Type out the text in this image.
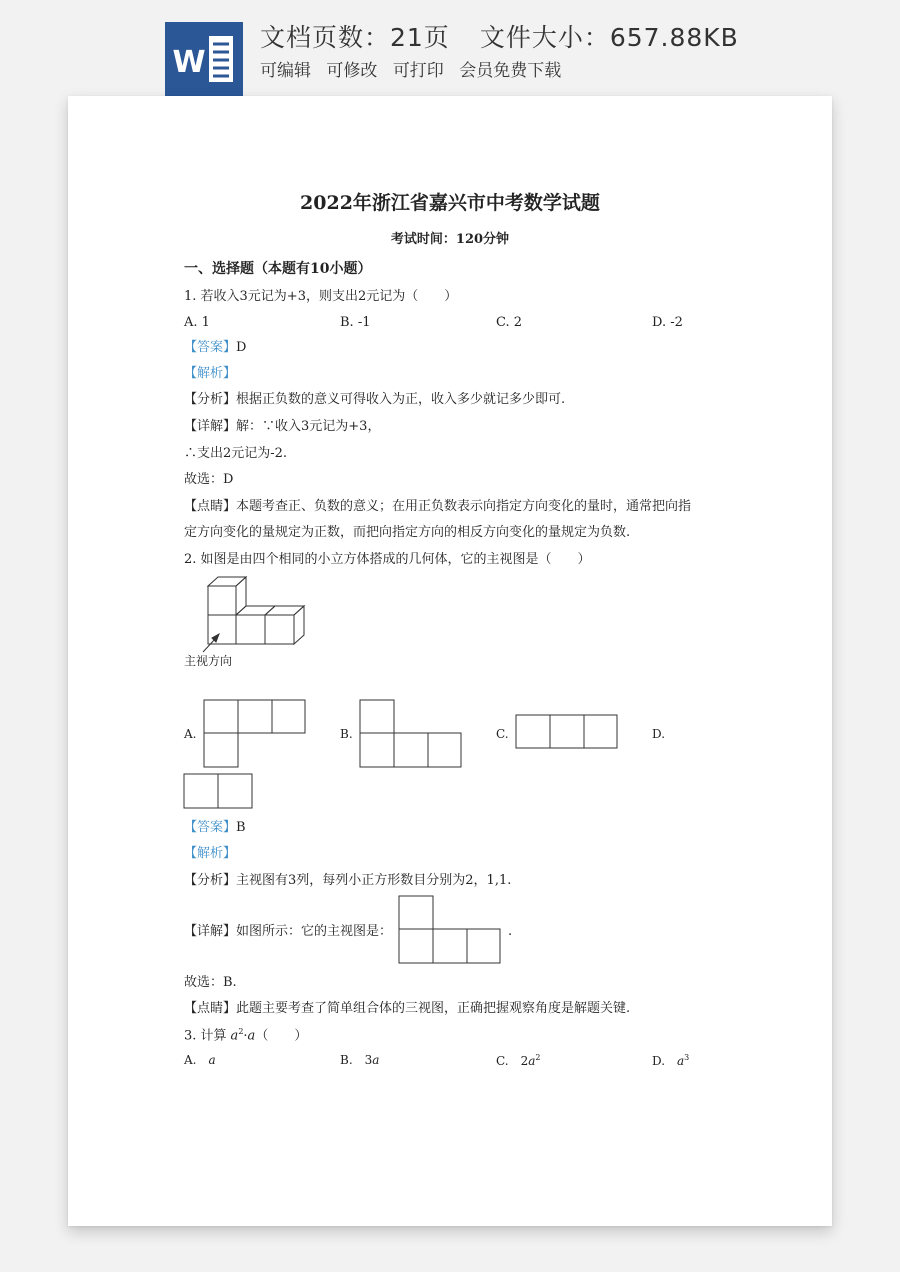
W
文档页数：21页 文件大小：657.88KB
可编辑 可修改 可打印 会员免费下载
2022年浙江省嘉兴市中考数学试题
考试时间：120分钟
一、选择题（本题有10小题）
1. 若收入3元记为+3，则支出2元记为（　　）
A. 1	B. -1	C. 2	D. -2
【答案】D
【解析】
【分析】根据正负数的意义可得收入为正，收入多少就记多少即可.
【详解】解：∵收入3元记为+3，
∴支出2元记为-2.
故选：D
【点睛】本题考查正、负数的意义；在用正负数表示向指定方向变化的量时，通常把向指
定方向变化的量规定为正数，而把向指定方向的相反方向变化的量规定为负数.
2. 如图是由四个相同的小立方体搭成的几何体，它的主视图是（　　）
主视方向
A.	B.	C.	D.
【答案】B
【解析】
【分析】主视图有3列，每列小正方形数目分别为2，1,1.
【详解】如图所示：它的主视图是：	.
故选：B.
【点睛】此题主要考查了简单组合体的三视图，正确把握观察角度是解题关键.
3. 计算 $a^2\cdot a$（　　）
A. a	B. 3a	C. $2a^2$	D. $a^3$
